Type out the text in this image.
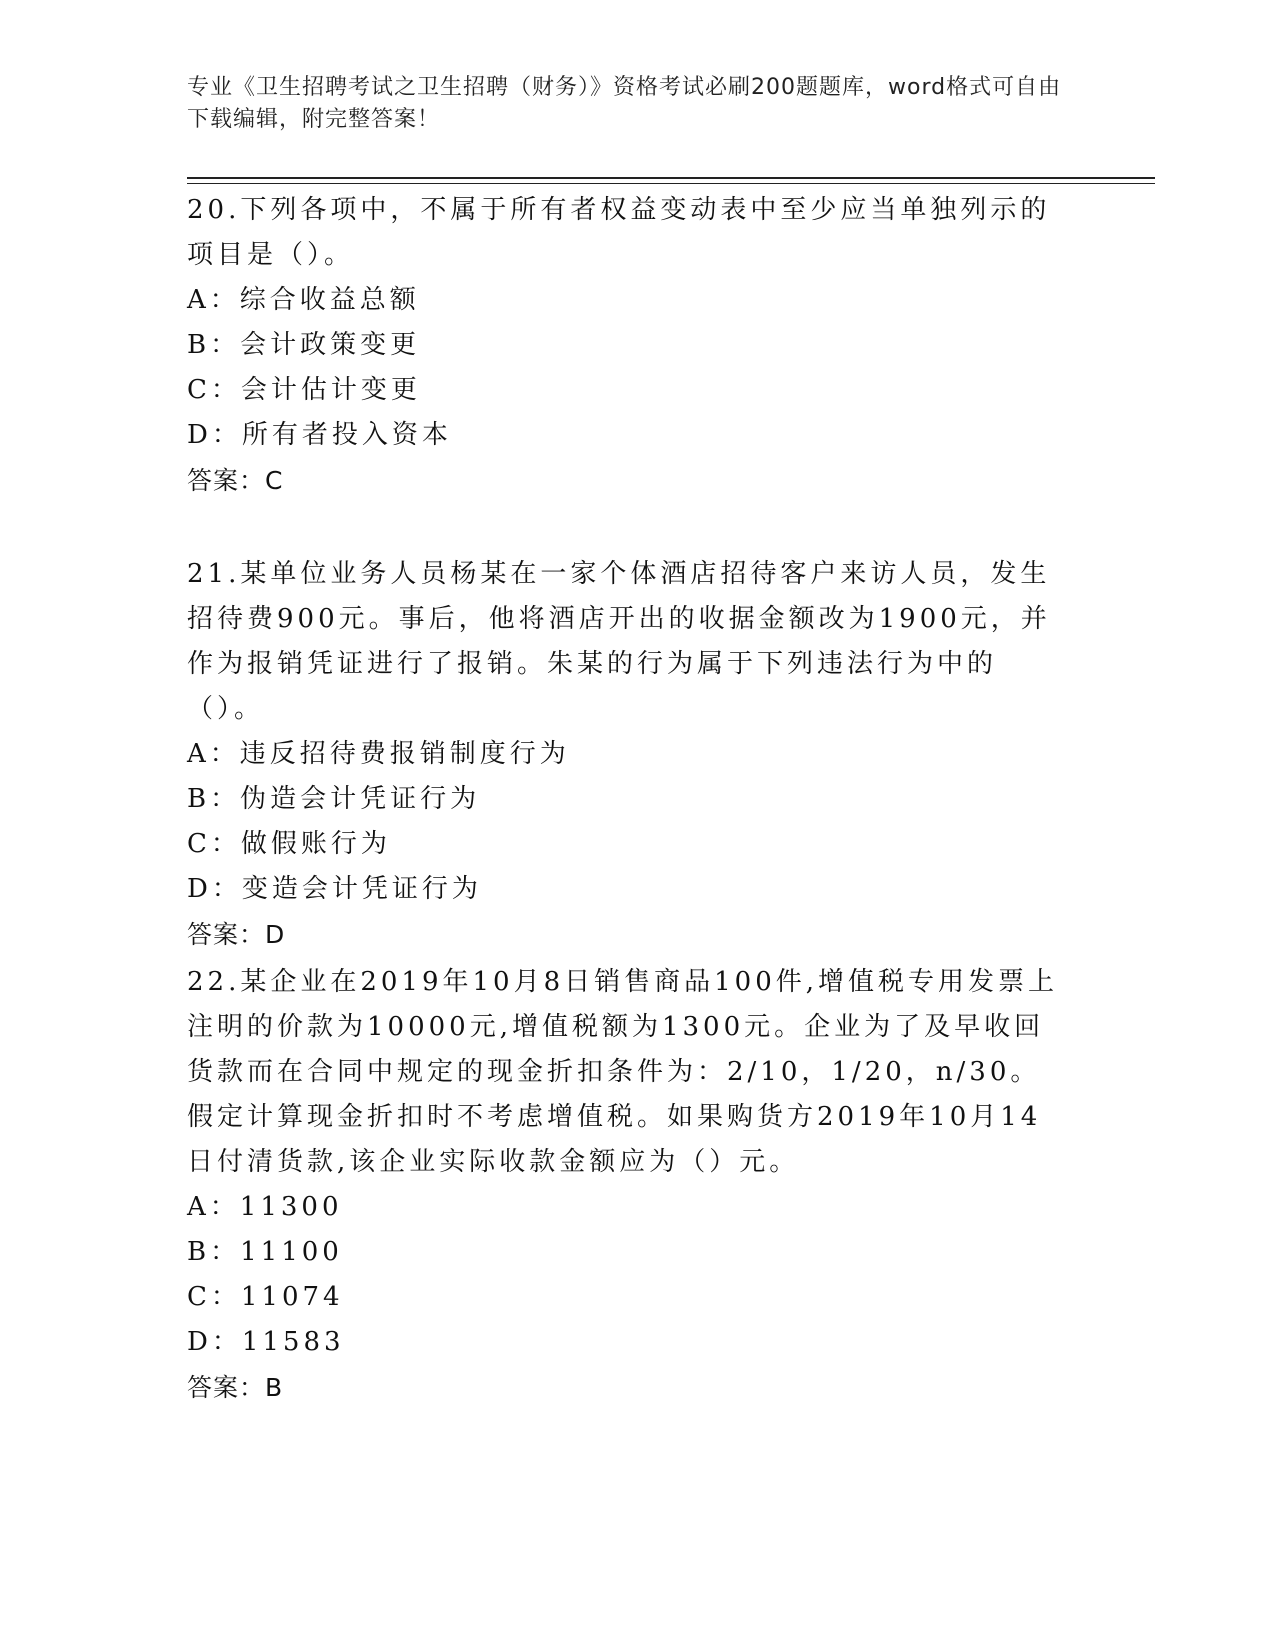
专业《卫生招聘考试之卫生招聘（财务）》资格考试必刷200题题库，word格式可自由下载编辑，附完整答案！

20.下列各项中，不属于所有者权益变动表中至少应当单独列示的项目是（）。

A：综合收益总额

B：会计政策变更

C：会计估计变更

D：所有者投入资本

答案：C

21.某单位业务人员杨某在一家个体酒店招待客户来访人员，发生招待费900元。事后，他将酒店开出的收据金额改为1900元，并作为报销凭证进行了报销。朱某的行为属于下列违法行为中的（）。

A：违反招待费报销制度行为

B：伪造会计凭证行为

C：做假账行为

D：变造会计凭证行为

答案：D

22.某企业在2019年10月8日销售商品100件,增值税专用发票上注明的价款为10000元,增值税额为1300元。企业为了及早收回货款而在合同中规定的现金折扣条件为：2/10，1/20，n/30。假定计算现金折扣时不考虑增值税。如果购货方2019年10月14日付清货款,该企业实际收款金额应为（）元。

A：11300

B：11100

C：11074

D：11583

答案：B
